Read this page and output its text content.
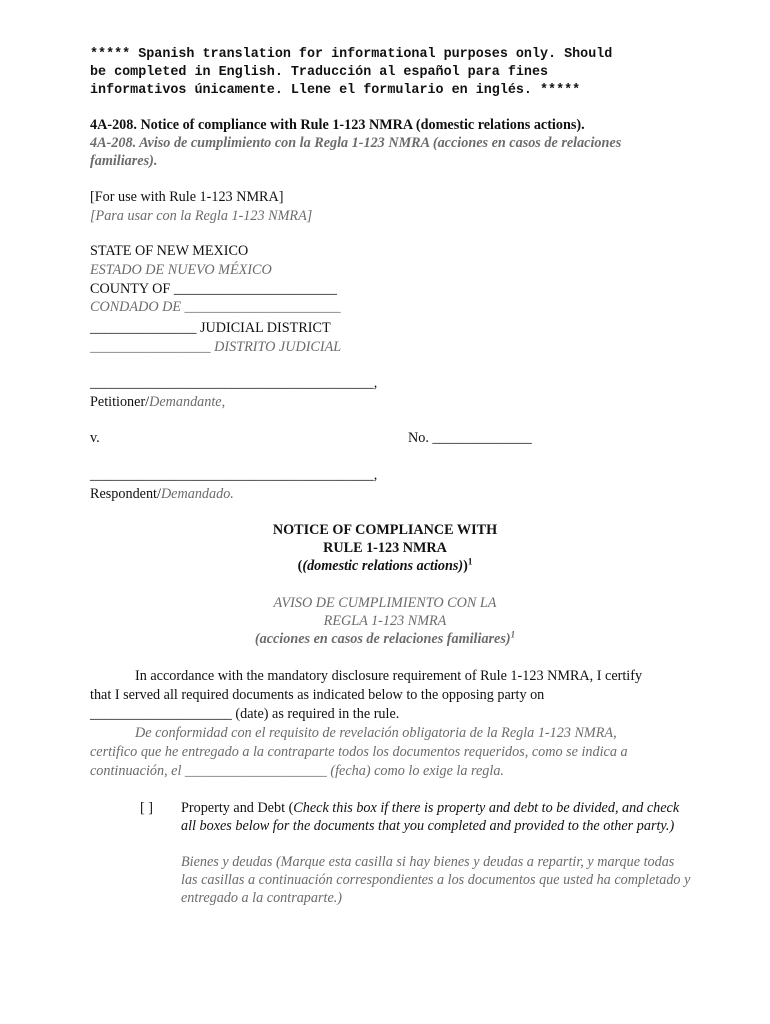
***** Spanish translation for informational purposes only. Should
be completed in English. Traducción al español para fines
informativos únicamente. Llene el formulario en inglés. *****
4A-208. Notice of compliance with Rule 1-123 NMRA (domestic relations actions).
4A-208. Aviso de cumplimiento con la Regla 1-123 NMRA (acciones en casos de relaciones
familiares).
[For use with Rule 1-123 NMRA]
[Para usar con la Regla 1-123 NMRA]
STATE OF NEW MEXICO
ESTADO DE NUEVO MÉXICO
COUNTY OF _______________________
CONDADO DE ______________________
_______________ JUDICIAL DISTRICT
_________________ DISTRITO JUDICIAL
________________________________________,
Petitioner/Demandante,
v.	No. ______________
________________________________________,
Respondent/Demandado.
NOTICE OF COMPLIANCE WITH
RULE 1-123 NMRA
((domestic relations actions))$^1$
AVISO DE CUMPLIMIENTO CON LA
REGLA 1-123 NMRA
(acciones en casos de relaciones familiares)$^1$
In accordance with the mandatory disclosure requirement of Rule 1-123 NMRA, I certify
that I served all required documents as indicated below to the opposing party on
____________________ (date) as required in the rule.
De conformidad con el requisito de revelación obligatoria de la Regla 1-123 NMRA,
certifico que he entregado a la contraparte todos los documentos requeridos, como se indica a
continuación, el ____________________ (fecha) como lo exige la regla.
[ ] Property and Debt (Check this box if there is property and debt to be divided, and check all boxes below for the documents that you completed and provided to the other party.)
Bienes y deudas (Marque esta casilla si hay bienes y deudas a repartir, y marque todas las casillas a continuación correspondientes a los documentos que usted ha completado y entregado a la contraparte.)
